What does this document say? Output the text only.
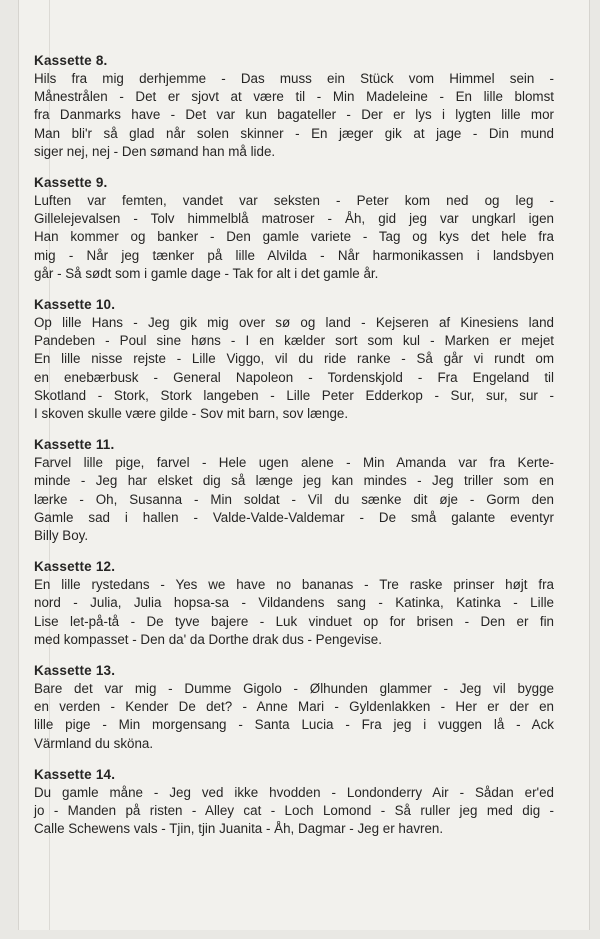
Kassette 8.
Hils fra mig derhjemme - Das muss ein Stück vom Himmel sein -
Månestrålen - Det er sjovt at være til - Min Madeleine - En lille blomst
fra Danmarks have - Det var kun bagateller - Der er lys i lygten lille mor
Man bli'r så glad når solen skinner - En jæger gik at jage - Din mund
siger nej, nej - Den sømand han må lide.
Kassette 9.
Luften var femten, vandet var seksten - Peter kom ned og leg -
Gillelejevalsen - Tolv himmelblå matroser - Åh, gid jeg var ungkarl igen
Han kommer og banker - Den gamle variete - Tag og kys det hele fra
mig - Når jeg tænker på lille Alvilda - Når harmonikassen i landsbyen
går - Så sødt som i gamle dage - Tak for alt i det gamle år.
Kassette 10.
Op lille Hans - Jeg gik mig over sø og land - Kejseren af Kinesiens land
Pandeben - Poul sine høns - I en kælder sort som kul - Marken er mejet
En lille nisse rejste - Lille Viggo, vil du ride ranke - Så går vi rundt om
en enebærbusk - General Napoleon - Tordenskjold - Fra Engeland til
Skotland - Stork, Stork langeben - Lille Peter Edderkop - Sur, sur, sur -
I skoven skulle være gilde - Sov mit barn, sov længe.
Kassette 11.
Farvel lille pige, farvel - Hele ugen alene - Min Amanda var fra Kerte-
minde - Jeg har elsket dig så længe jeg kan mindes - Jeg triller som en
lærke - Oh, Susanna - Min soldat - Vil du sænke dit øje - Gorm den
Gamle sad i hallen - Valde-Valde-Valdemar - De små galante eventyr
Billy Boy.
Kassette 12.
En lille rystedans - Yes we have no bananas - Tre raske prinser højt fra
nord - Julia, Julia hopsa-sa - Vildandens sang - Katinka, Katinka - Lille
Lise let-på-tå - De tyve bajere - Luk vinduet op for brisen - Den er fin
med kompasset - Den da' da Dorthe drak dus - Pengevise.
Kassette 13.
Bare det var mig - Dumme Gigolo - Ølhunden glammer - Jeg vil bygge
en verden - Kender De det? - Anne Mari - Gyldenlakken - Her er der en
lille pige - Min morgensang - Santa Lucia - Fra jeg i vuggen lå - Ack
Värmland du sköna.
Kassette 14.
Du gamle måne - Jeg ved ikke hvodden - Londonderry Air - Sådan er'ed
jo - Manden på risten - Alley cat - Loch Lomond - Så ruller jeg med dig -
Calle Schewens vals - Tjin, tjin Juanita - Åh, Dagmar - Jeg er havren.
